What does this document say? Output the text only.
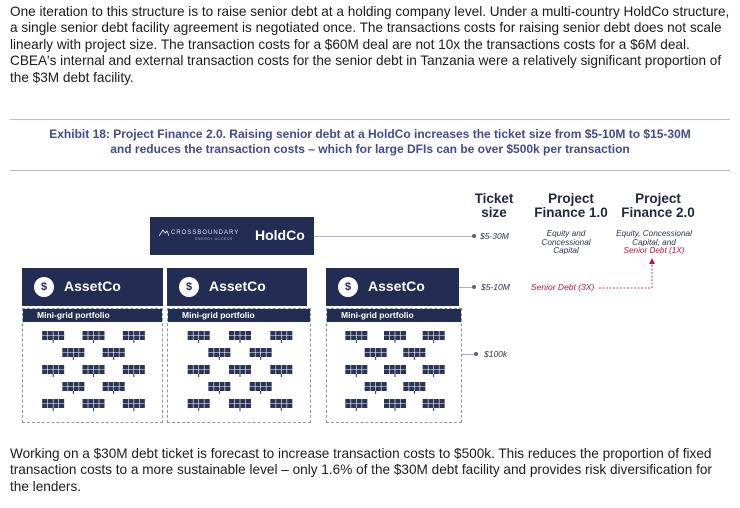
One iteration to this structure is to raise senior debt at a holding company level. Under a multi-country HoldCo structure, a single senior debt facility agreement is negotiated once. The transactions costs for raising senior debt does not scale linearly with project size. The transaction costs for a $60M deal are not 10x the transactions costs for a $6M deal. CBEA's internal and external transaction costs for the senior debt in Tanzania were a relatively significant proportion of the $3M debt facility.
Exhibit 18: Project Finance 2.0. Raising senior debt at a HoldCo increases the ticket size from $5-10M to $15-30M
and reduces the transaction costs – which for large DFIs can be over $500k per transaction
Ticket
size
Project
Finance 1.0
Project
Finance 2.0
CROSSBOUNDARY
ENERGY ACCESS	HoldCo
$	AssetCo	$	AssetCo	$	AssetCo
Mini-grid portfolio	Mini-grid portfolio	Mini-grid portfolio
$5-30M	Equity and
Concessional
Capital
Equity, Concessional
Capital, and
Senior Debt (1X)
$5-10M Senior Debt (3X)
$100k
Working on a $30M debt ticket is forecast to increase transaction costs to $500k. This reduces the proportion of fixed transaction costs to a more sustainable level – only 1.6% of the $30M debt facility and provides risk diversification for the lenders.
